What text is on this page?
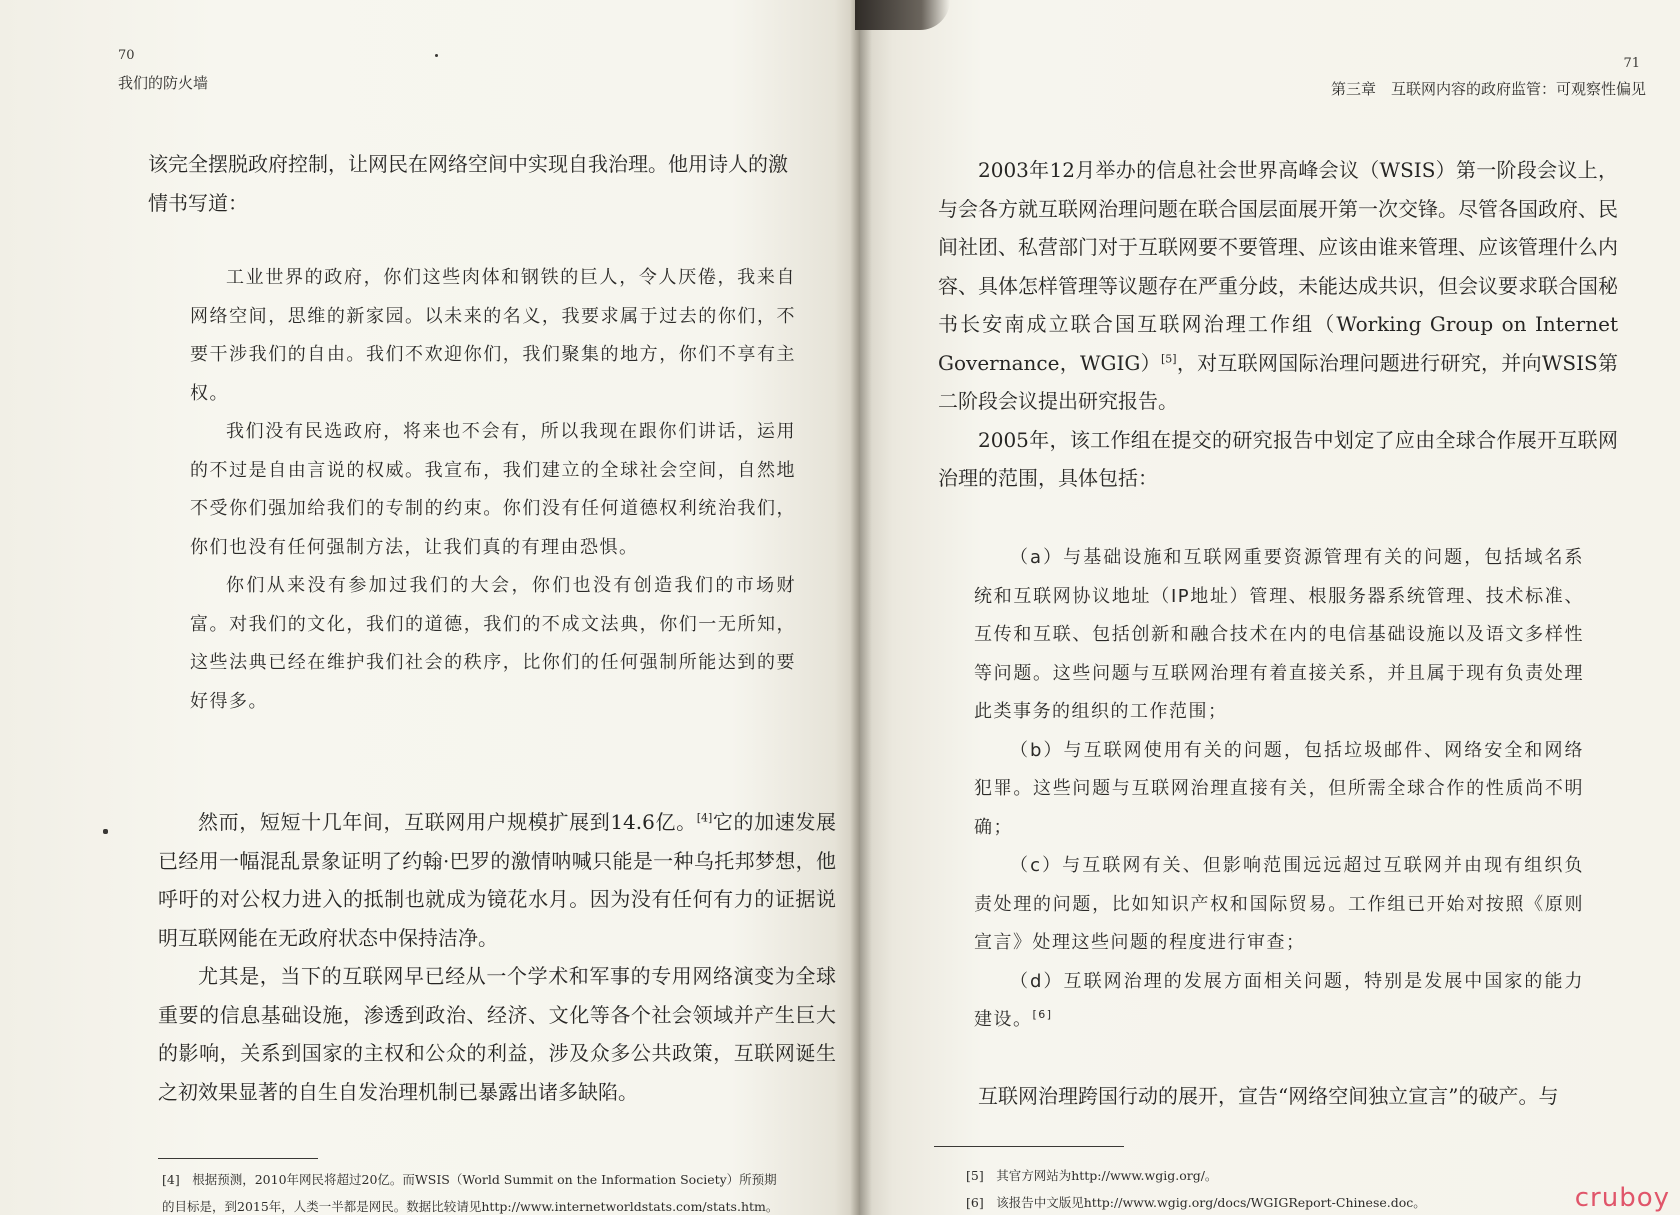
70
我们的防火墙

该完全摆脱政府控制，让网民在网络空间中实现自我治理。他用诗人的激

情书写道：

工业世界的政府，你们这些肉体和钢铁的巨人，令人厌倦，我来自网络空间，思维的新家园。以未来的名义，我要求属于过去的你们，不要干涉我们的自由。我们不欢迎你们，我们聚集的地方，你们不享有主权。

我们没有民选政府，将来也不会有，所以我现在跟你们讲话，运用的不过是自由言说的权威。我宣布，我们建立的全球社会空间，自然地不受你们强加给我们的专制的约束。你们没有任何道德权利统治我们，你们也没有任何强制方法，让我们真的有理由恐惧。

你们从来没有参加过我们的大会，你们也没有创造我们的市场财富。对我们的文化，我们的道德，我们的不成文法典，你们一无所知，这些法典已经在维护我们社会的秩序，比你们的任何强制所能达到的要好得多。

然而，短短十几年间，互联网用户规模扩展到14.6亿。[4]它的加速发展已经用一幅混乱景象证明了约翰·巴罗的激情呐喊只能是一种乌托邦梦想，他呼吁的对公权力进入的抵制也就成为镜花水月。因为没有任何有力的证据说明互联网能在无政府状态中保持洁净。

尤其是，当下的互联网早已经从一个学术和军事的专用网络演变为全球重要的信息基础设施，渗透到政治、经济、文化等各个社会领域并产生巨大的影响，关系到国家的主权和公众的利益，涉及众多公共政策，互联网诞生之初效果显著的自生自发治理机制已暴露出诸多缺陷。

[4]　根据预测，2010年网民将超过20亿。而WSIS（World Summit on the Information Society）所预期

的目标是，到2015年，人类一半都是网民。数据比较请见http://www.internetworldstats.com/stats.htm。

71
第三章　互联网内容的政府监管：可观察性偏见

2003年12月举办的信息社会世界高峰会议（WSIS）第一阶段会议上，与会各方就互联网治理问题在联合国层面展开第一次交锋。尽管各国政府、民间社团、私营部门对于互联网要不要管理、应该由谁来管理、应该管理什么内容、具体怎样管理等议题存在严重分歧，未能达成共识，但会议要求联合国秘书长安南成立联合国互联网治理工作组（Working Group on Internet Governance，WGIG）[5]，对互联网国际治理问题进行研究，并向WSIS第二阶段会议提出研究报告。

2005年，该工作组在提交的研究报告中划定了应由全球合作展开互联网治理的范围，具体包括：

（a）与基础设施和互联网重要资源管理有关的问题，包括域名系统和互联网协议地址（IP地址）管理、根服务器系统管理、技术标准、互传和互联、包括创新和融合技术在内的电信基础设施以及语文多样性等问题。这些问题与互联网治理有着直接关系，并且属于现有负责处理此类事务的组织的工作范围；

（b）与互联网使用有关的问题，包括垃圾邮件、网络安全和网络犯罪。这些问题与互联网治理直接有关，但所需全球合作的性质尚不明确；

（c）与互联网有关、但影响范围远远超过互联网并由现有组织负责处理的问题，比如知识产权和国际贸易。工作组已开始对按照《原则宣言》处理这些问题的程度进行审查；

（d）互联网治理的发展方面相关问题，特别是发展中国家的能力建设。[6]

互联网治理跨国行动的展开，宣告“网络空间独立宣言”的破产。与

[5]　其官方网站为http://www.wgig.org/。

[6]　该报告中文版见http://www.wgig.org/docs/WGIGReport-Chinese.doc。	cruboy
